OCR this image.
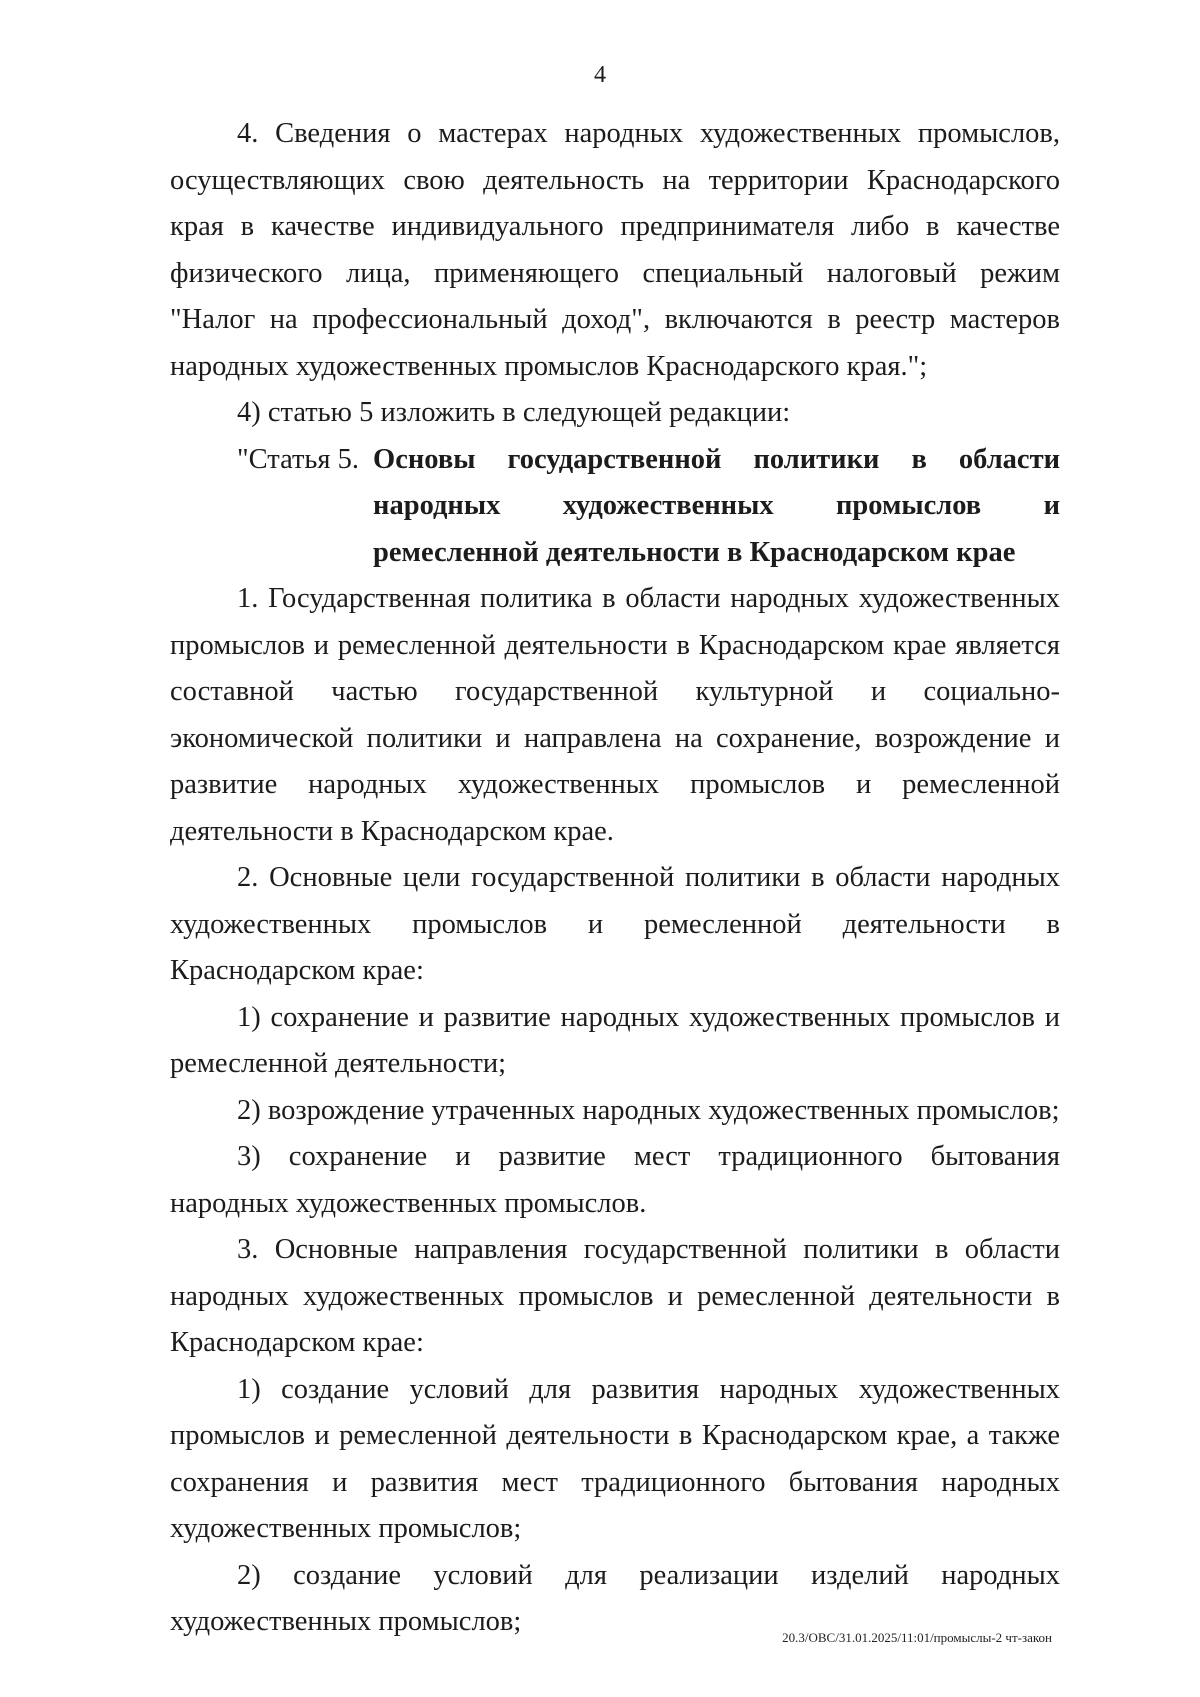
4

4. Сведения о мастерах народных художественных промыслов, осуществляющих свою деятельность на территории Краснодарского края в качестве индивидуального предпринимателя либо в качестве физического лица, применяющего специальный налоговый режим "Налог на профессиональный доход", включаются в реестр мастеров народных художественных промыслов Краснодарского края.";

4) статью 5 изложить в следующей редакции:

"Статья 5. Основы государственной политики в области народных художественных промыслов и ремесленной деятельности в Краснодарском крае

1. Государственная политика в области народных художественных промыслов и ремесленной деятельности в Краснодарском крае является составной частью государственной культурной и социально-экономической политики и направлена на сохранение, возрождение и развитие народных художественных промыслов и ремесленной деятельности в Краснодарском крае.

2. Основные цели государственной политики в области народных художественных промыслов и ремесленной деятельности в Краснодарском крае:

1) сохранение и развитие народных художественных промыслов и ремесленной деятельности;

2) возрождение утраченных народных художественных промыслов;

3) сохранение и развитие мест традиционного бытования народных художественных промыслов.

3. Основные направления государственной политики в области народных художественных промыслов и ремесленной деятельности в Краснодарском крае:

1) создание условий для развития народных художественных промыслов и ремесленной деятельности в Краснодарском крае, а также сохранения и развития мест традиционного бытования народных художественных промыслов;

2) создание условий для реализации изделий народных художественных промыслов;

20.3/ОВС/31.01.2025/11:01/промыслы-2 чт-закон
